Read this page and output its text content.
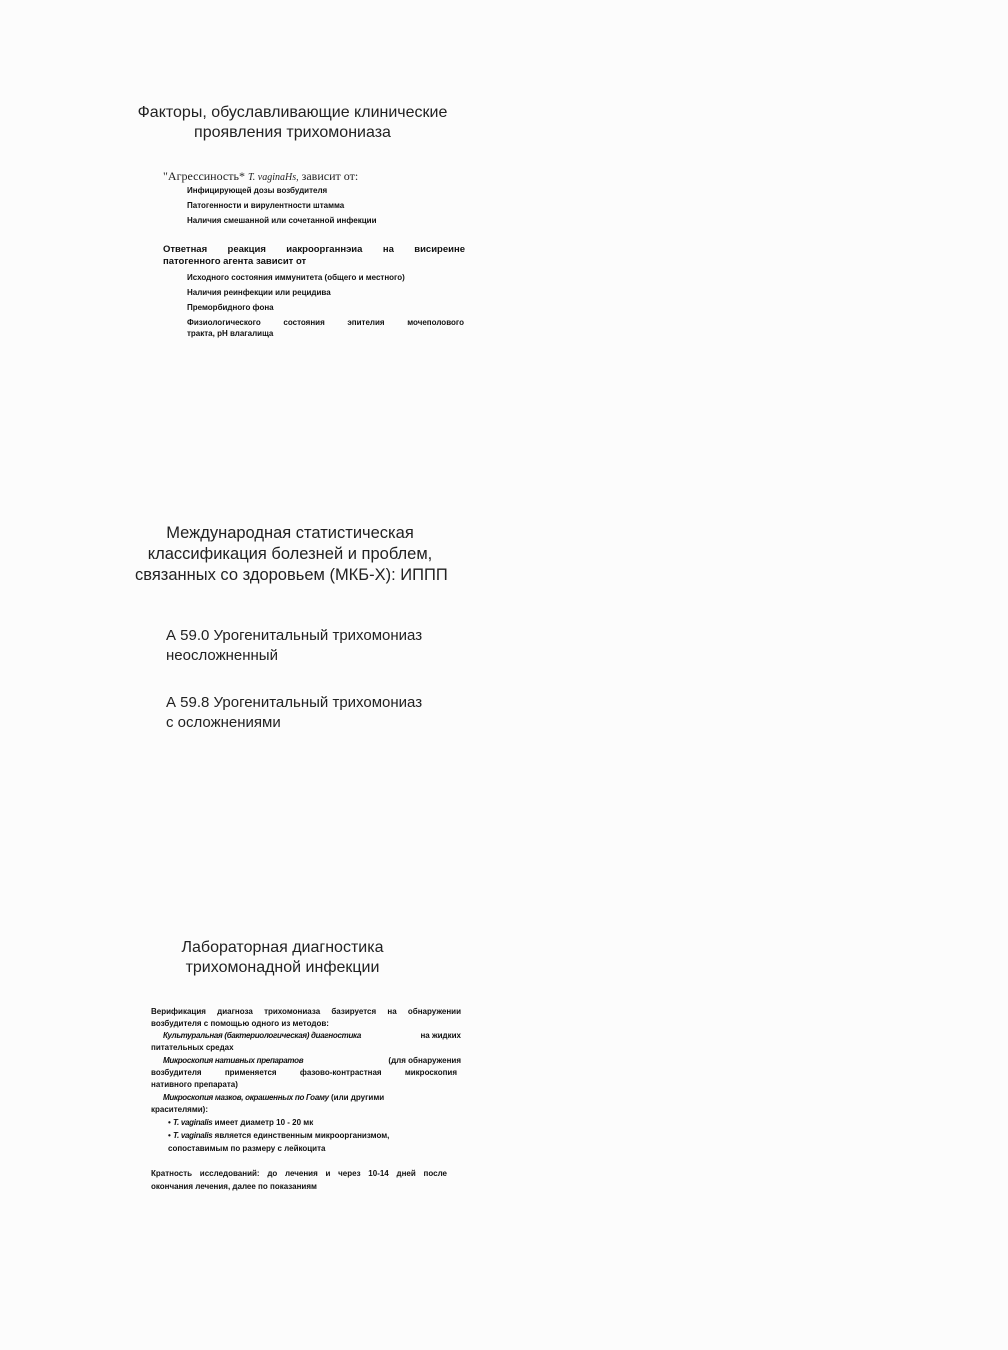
Факторы, обуславливающие клинические
проявления трихомониаза
"Агрессиность* T. vaginaHs, зависит от:
Инфицирующей дозы возбудителя
Патогенности и вирулентности штамма
Наличия смешанной или сочетанной инфекции
Ответная реакция иакроорганнэиа на висиреине
патогенного агента зависит от
Исходного состояния иммунитета (общего и местного)
Наличия реинфекции или рецидива
Преморбидного фона
Физиологического состояния эпителия мочеполового
тракта, рН влагалища
Международная статистическая
классификация болезней и проблем,
связанных со здоровьем (МКБ-Х): ИППП
А 59.0 Урогенитальный трихомониаз
неосложненный
А 59.8 Урогенитальный трихомониаз
с осложнениями
Лабораторная диагностика
трихомонадной инфекции
Верификация диагноза трихомониаза базируется на обнаружении
возбудителя с помощью одного из методов:
Культуральная (бактериологическая) диагностика	на жидких
питательных средах
Микроскопия нативных препаратов	(для обнаружения
возбудителя применяется фазово-контрастная микроскопия
нативного препарата)
Микроскопия мазков, окрашенных по Гоаму (или другими
красителями):
• T. vaginalis имеет диаметр 10 - 20 мк
• T. vaginalis является единственным микроорганизмом,
сопоставимым по размеру с лейкоцита
Кратность исследований: до лечения и через 10-14 дней после
окончания лечения, далее по показаниям
